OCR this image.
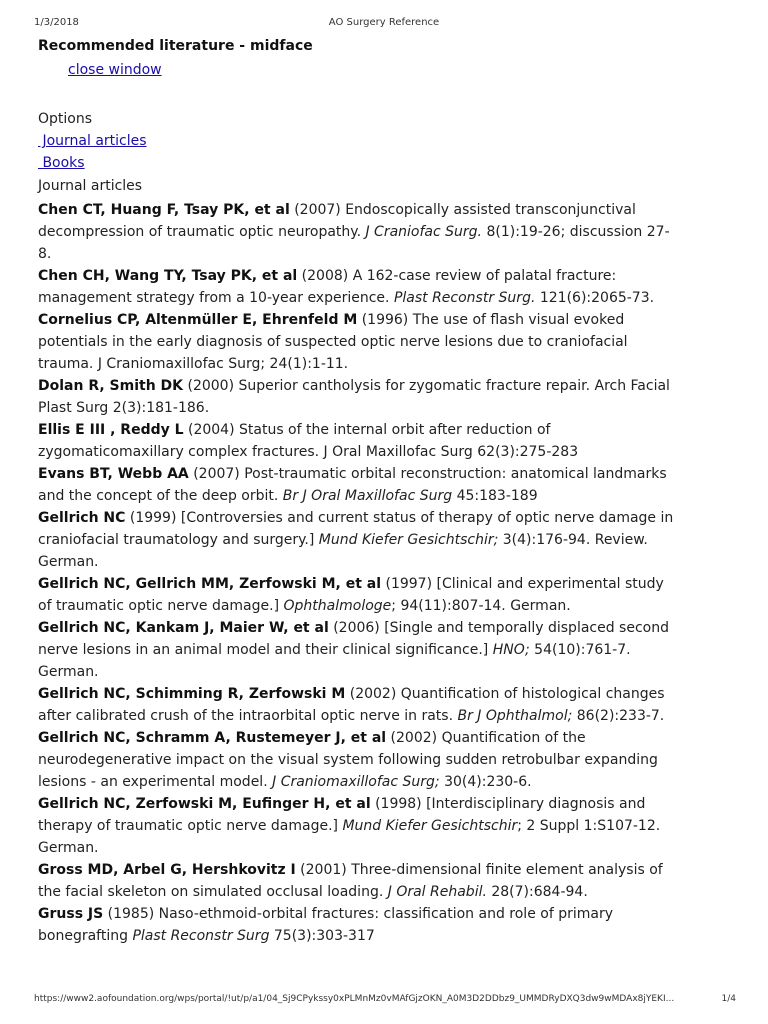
1/3/2018	AO Surgery Reference
Recommended literature - midface
close window
Options
Journal articles
Books
Journal articles

Chen CT, Huang F, Tsay PK, et al (2007) Endoscopically assisted transconjunctival decompression of traumatic optic neuropathy. J Craniofac Surg. 8(1):19-26; discussion 27-8.

Chen CH, Wang TY, Tsay PK, et al (2008) A 162-case review of palatal fracture: management strategy from a 10-year experience. Plast Reconstr Surg. 121(6):2065-73.

Cornelius CP, Altenmüller E, Ehrenfeld M (1996) The use of flash visual evoked potentials in the early diagnosis of suspected optic nerve lesions due to craniofacial trauma. J Craniomaxillofac Surg; 24(1):1-11.

Dolan R, Smith DK (2000) Superior cantholysis for zygomatic fracture repair. Arch Facial Plast Surg 2(3):181-186.

Ellis E III , Reddy L (2004) Status of the internal orbit after reduction of zygomaticomaxillary complex fractures. J Oral Maxillofac Surg 62(3):275-283

Evans BT, Webb AA (2007) Post-traumatic orbital reconstruction: anatomical landmarks and the concept of the deep orbit. Br J Oral Maxillofac Surg 45:183-189

Gellrich NC (1999) [Controversies and current status of therapy of optic nerve damage in craniofacial traumatology and surgery.] Mund Kiefer Gesichtschir; 3(4):176-94. Review. German.

Gellrich NC, Gellrich MM, Zerfowski M, et al (1997) [Clinical and experimental study of traumatic optic nerve damage.] Ophthalmologe; 94(11):807-14. German.

Gellrich NC, Kankam J, Maier W, et al (2006) [Single and temporally displaced second nerve lesions in an animal model and their clinical significance.] HNO; 54(10):761-7. German.

Gellrich NC, Schimming R, Zerfowski M (2002) Quantification of histological changes after calibrated crush of the intraorbital optic nerve in rats. Br J Ophthalmol; 86(2):233-7.

Gellrich NC, Schramm A, Rustemeyer J, et al (2002) Quantification of the neurodegenerative impact on the visual system following sudden retrobulbar expanding lesions - an experimental model. J Craniomaxillofac Surg; 30(4):230-6.

Gellrich NC, Zerfowski M, Eufinger H, et al (1998) [Interdisciplinary diagnosis and therapy of traumatic optic nerve damage.] Mund Kiefer Gesichtschir; 2 Suppl 1:S107-12. German.

Gross MD, Arbel G, Hershkovitz I (2001) Three-dimensional finite element analysis of the facial skeleton on simulated occlusal loading. J Oral Rehabil. 28(7):684-94.

Gruss JS (1985) Naso-ethmoid-orbital fractures: classification and role of primary bonegrafting Plast Reconstr Surg 75(3):303-317

https://www2.aofoundation.org/wps/portal/!ut/p/a1/04_Sj9CPykssy0xPLMnMz0vMAfGjzOKN_A0M3D2DDbz9_UMMDRyDXQ3dw9wMDAx8jYEKI...	1/4
